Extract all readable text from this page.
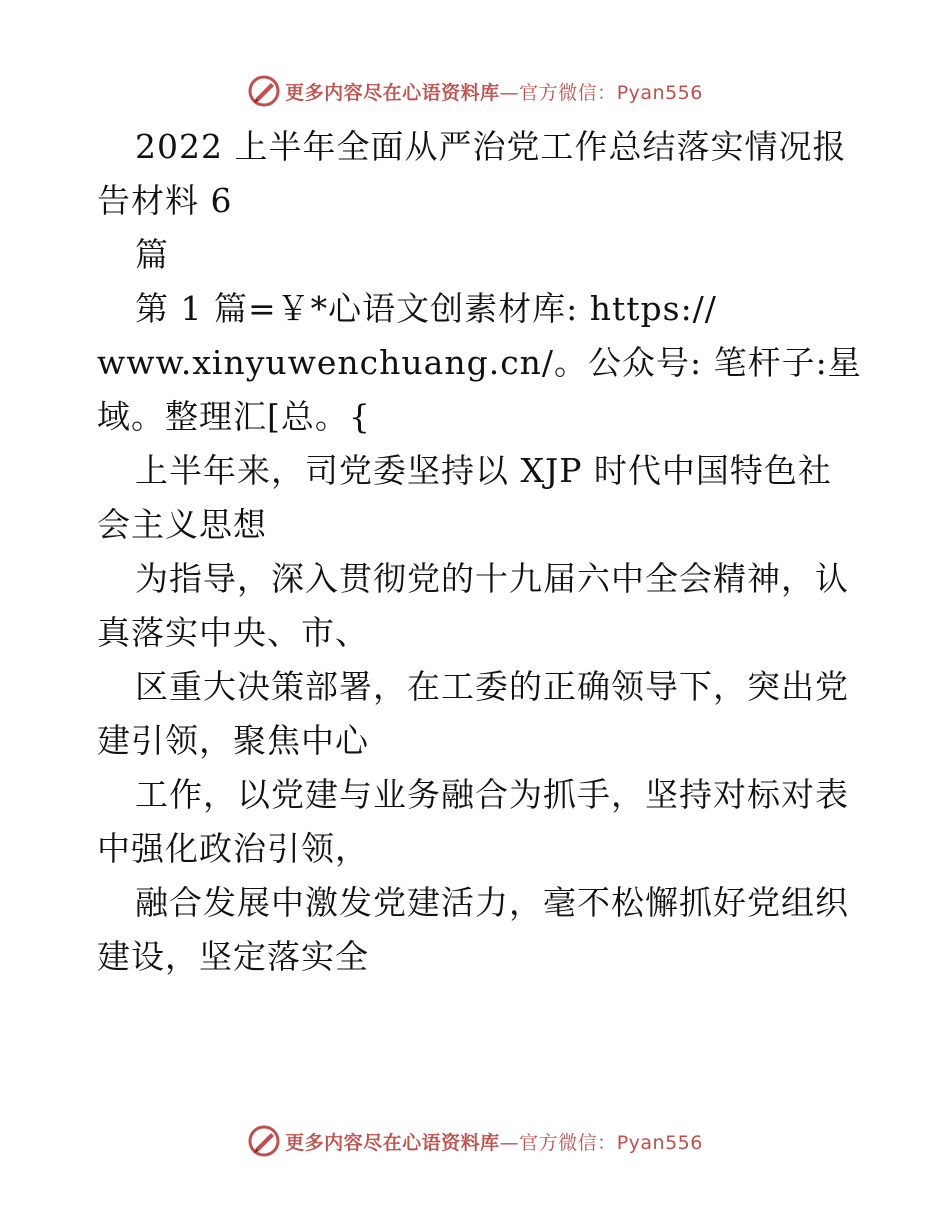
更多内容尽在心语资料库—官方微信：Pyan556
2022 上半年全面从严治党工作总结落实情况报
告材料 6
篇
第 1 篇=￥*心语文创素材库: https://
www.xinyuwenchuang.cn/。公众号: 笔杆子:星
域。整理汇[总。{
上半年来，司党委坚持以 XJP 时代中国特色社
会主义思想
为指导，深入贯彻党的十九届六中全会精神，认
真落实中央、市、
区重大决策部署，在工委的正确领导下，突出党
建引领，聚焦中心
工作，以党建与业务融合为抓手，坚持对标对表
中强化政治引领，
融合发展中激发党建活力，毫不松懈抓好党组织
建设，坚定落实全
更多内容尽在心语资料库—官方微信：Pyan556
